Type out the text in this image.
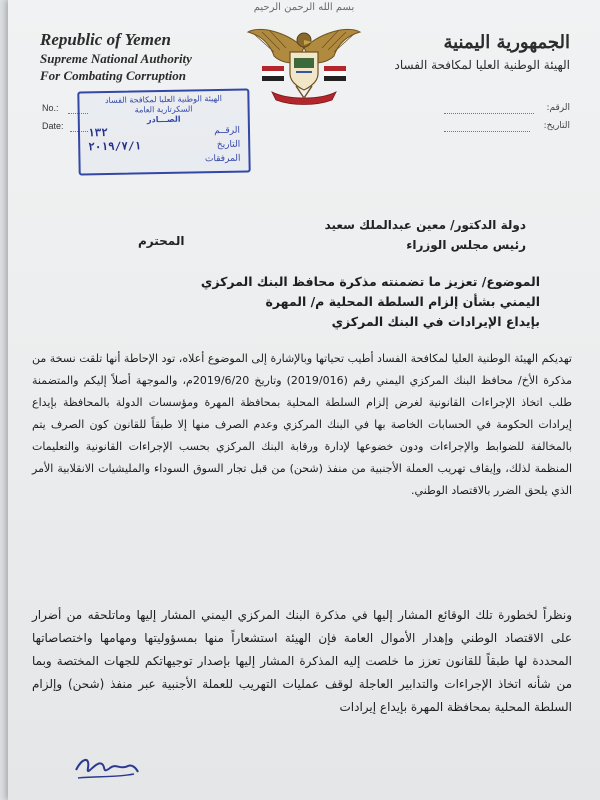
بسم الله الرحمن الرحيم
Republic of Yemen
Supreme National Authority
For Combating Corruption
الجمهورية اليمنية
الهيئة الوطنية العليا لمكافحة الفساد
No.:
Date:
الرقم:
التاريخ:
الهيئة الوطنية العليا لمكافحة الفساد
السكرتارية العامة
الصـــادر
الرقــم
١٣٢
التاريخ
٢٠١٩/٧/١
المرفقات
دولة الدكتور/ معين عبدالملك سعيد
رئيس مجلس الوزراء
المحترم
الموضوع/ تعزيز ما تضمنته مذكرة محافظ البنك المركزي
اليمني بشأن إلزام السلطة المحلية م/ المهرة
بإيداع الإيرادات في البنك المركزي
تهديكم الهيئة الوطنية العليا لمكافحة الفساد أطيب تحياتها وبالإشارة إلى الموضوع أعلاه، تود الإحاطة أنها تلقت نسخة من مذكرة الأخ/ محافظ البنك المركزي اليمني رقم (2019/016) وتاريخ 2019/6/20م، والموجهة أصلاً إليكم والمتضمنة طلب اتخاذ الإجراءات القانونية لغرض إلزام السلطة المحلية بمحافظة المهرة ومؤسسات الدولة بالمحافظة بإيداع إيرادات الحكومة في الحسابات الخاصة بها في البنك المركزي وعدم الصرف منها إلا طبقاً للقانون كون الصرف يتم بالمخالفة للضوابط والإجراءات ودون خضوعها لإدارة ورقابة البنك المركزي بحسب الإجراءات القانونية والتعليمات المنظمة لذلك، وإيقاف تهريب العملة الأجنبية من منفذ (شحن) من قبل تجار السوق السوداء والمليشيات الانقلابية الأمر الذي يلحق الضرر بالاقتصاد الوطني.
ونظراً لخطورة تلك الوقائع المشار إليها في مذكرة البنك المركزي اليمني المشار إليها وماتلحقه من أضرار على الاقتصاد الوطني وإهدار الأموال العامة فإن الهيئة استشعاراً منها بمسؤوليتها ومهامها واختصاصاتها المحددة لها طبقاً للقانون تعزز ما خلصت إليه المذكرة المشار إليها بإصدار توجيهاتكم للجهات المختصة وبما من شأنه اتخاذ الإجراءات والتدابير العاجلة لوقف عمليات التهريب للعملة الأجنبية عبر منفذ (شحن) وإلزام السلطة المحلية بمحافظة المهرة بإيداع إيرادات
